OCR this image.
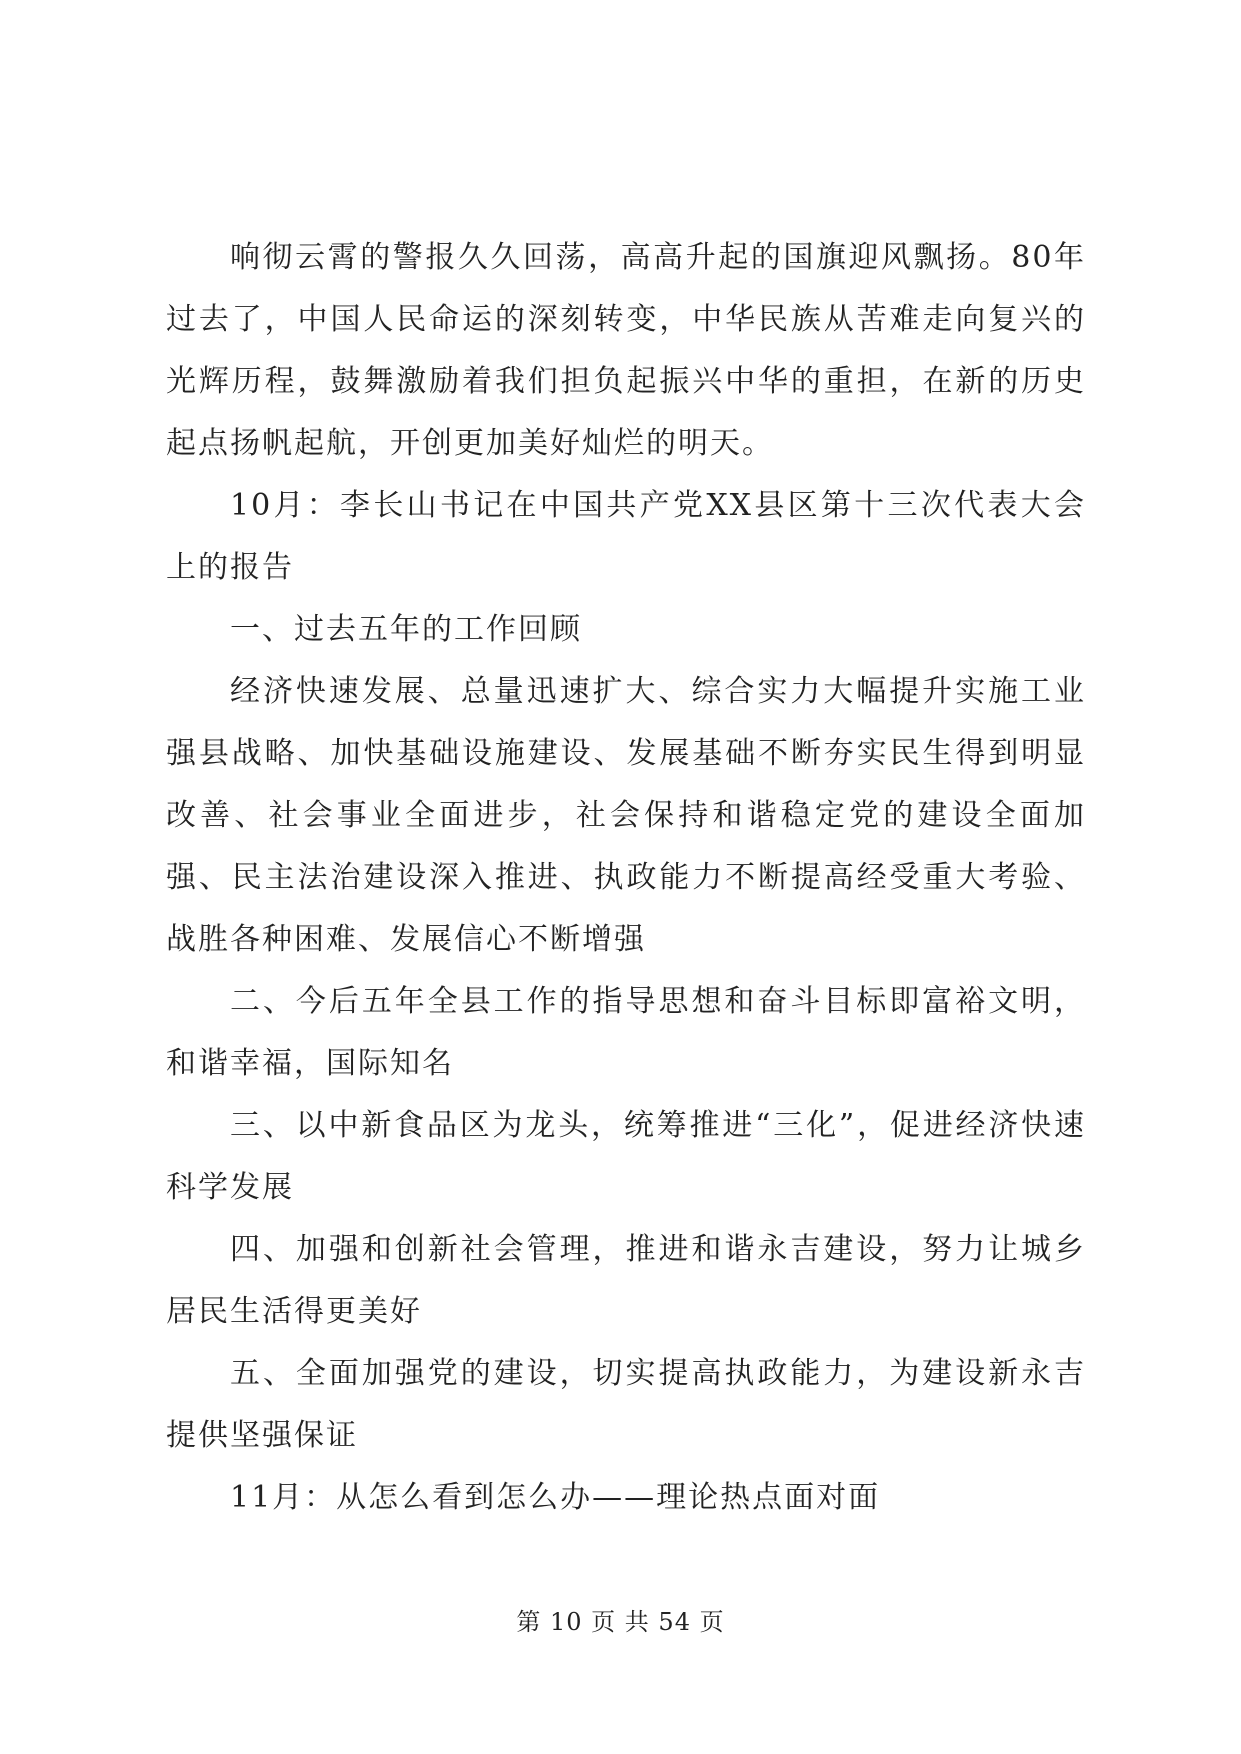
响彻云霄的警报久久回荡，高高升起的国旗迎风飘扬。80年过去了，中国人民命运的深刻转变，中华民族从苦难走向复兴的光辉历程，鼓舞激励着我们担负起振兴中华的重担，在新的历史起点扬帆起航，开创更加美好灿烂的明天。

10月：李长山书记在中国共产党XX县区第十三次代表大会上的报告

一、过去五年的工作回顾

经济快速发展、总量迅速扩大、综合实力大幅提升实施工业强县战略、加快基础设施建设、发展基础不断夯实民生得到明显改善、社会事业全面进步，社会保持和谐稳定党的建设全面加强、民主法治建设深入推进、执政能力不断提高经受重大考验、战胜各种困难、发展信心不断增强

二、今后五年全县工作的指导思想和奋斗目标即富裕文明，和谐幸福，国际知名

三、以中新食品区为龙头，统筹推进“三化”，促进经济快速科学发展

四、加强和创新社会管理，推进和谐永吉建设，努力让城乡居民生活得更美好

五、全面加强党的建设，切实提高执政能力，为建设新永吉提供坚强保证

11月：从怎么看到怎么办——理论热点面对面

第 10 页 共 54 页
